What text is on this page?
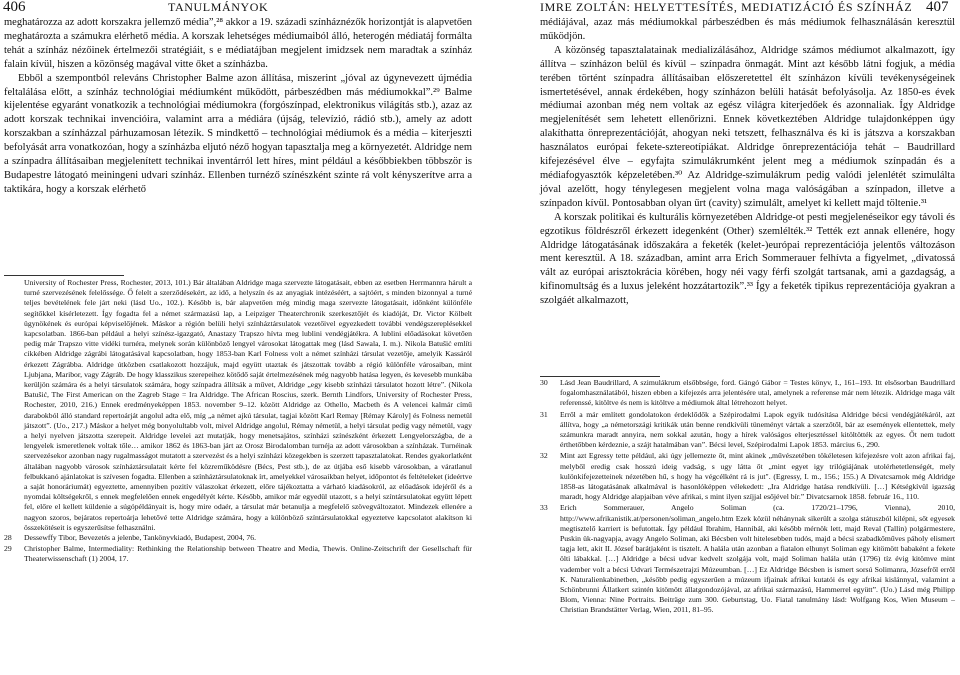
406	TANULMÁNYOK

meghatározza az adott korszakra jellemző média”,²⁸ akkor a 19. századi színháznézők horizontját is alapvetően meghatározta a számukra elérhető média. A korszak lehetséges médiumaiból álló, heterogén médiatáj formálta tehát a színház nézőinek értelmezői stratégiáit, s e médiatájban megjelent imidzsek nem maradtak a színház falain kívül, hiszen a közönség magával vitte őket a színházba.

Ebből a szempontból releváns Christopher Balme azon állítása, miszerint „jóval az úgynevezett újmédia feltalálása előtt, a színház technológiai médiumként működött, párbeszédben más médiumokkal”.²⁹ Balme kijelentése egyaránt vonatkozik a technológiai médiumokra (forgószínpad, elektronikus világítás stb.), azaz az adott korszak technikai invencióira, valamint arra a médiára (újság, televízió, rádió stb.), amely az adott korszakban a színházzal párhuzamosan létezik. S mindkettő – technológiai médiumok és a média – kiterjeszti befolyását arra vonatkozóan, hogy a színházba eljutó néző hogyan tapasztalja meg a környezetét. Aldridge nem a színpadra állításaiban megjelenített technikai inventárról lett híres, mint például a későbbiekben többször is Budapestre látogató meiningeni udvari színház. Ellenben turnéző színészként szinte rá volt kényszerítve arra a taktikára, hogy a korszak elérhető

University of Rochester Press, Rochester, 2013, 101.) Bár általában Aldridge maga szervezte látogatásait, ebben az esetben Herrmannra hárult a turné szervezésének felelőssége. Ő felelt a szerződésekért, az idő, a helyszín és az anyagiak intézéséért, a sajtóért, s minden bizonnyal a turné teljes bevételének fele járt neki (lásd Uo., 102.). Később is, bár alapvetően még mindig maga szervezte látogatásait, időnként különféle segítőkkel kísérletezett. Így fogadta fel a német származású lap, a Leipziger Theaterchronik szerkesztőjét és kiadóját, Dr. Victor Kölbelt ügynökének és európai képviselőjének. Máskor a régión belüli helyi színháztársulatok vezetőivel egyezkedett további vendégszereplésekkel kapcsolatban. 1866-ban például a helyi színész-igazgató, Anastazy Trapszo hívta meg lublini vendégjátékra. A lublini előadásokat követően pedig már Trapszo vitte vidéki turnéra, melynek során különböző lengyel városokat látogattak meg (lásd Sawala, I. m.). Nikola Batušić említi cikkében Aldridge zágrábi látogatásával kapcsolatban, hogy 1853-ban Karl Folness volt a német színházi társulat vezetője, amelyik Kassáról érkezett Zágrábba. Aldridge útközben csatlakozott hozzájuk, majd együtt utaztak és játszottak tovább a régió különféle városaiban, mint Ljubjana, Maribor, vagy Zágráb. De hogy klasszikus szerepeihez kötődő saját értelmezésének még nagyobb hatása legyen, és kevesebb munkába kerüljön számára és a helyi társulatok számára, hogy színpadra állítsák a művet, Aldridge „egy kisebb színházi társulatot hozott létre”. (Nikola Batušić, The First American on the Zagreb Stage = Ira Aldridge. The African Roscius, szerk. Bernth Lindfors, University of Rochester Press, Rochester, 2010, 216.) Ennek eredményeképpen 1853. november 9–12. között Aldridge az Othello, Macbeth és A velencei kalmár című darabokból álló standard repertoárját angolul adta elő, míg „a német ajkú társulat, tagjai között Karl Remay [Rémay Károly] és Folness nemetül játszott”. (Uo., 217.) Máskor a helyet még bonyolultabb volt, mivel Aldridge angolul, Rémay németül, a helyi társulat pedig vagy németül, vagy a helyi nyelven játszotta szerepeit. Aldridge levelei azt mutatják, hogy menetsajátos, színházi színészként érkezett Lengyelországba, de a lengyelek ismeretlenek voltak tőle… amikor 1862 és 1863-ban járt az Orosz Birodalomban turnéja az adott városokban a színházak. Turnéinak szervezésekor azonban nagy rugalmasságot mutatott a szervezést és a helyi színházi közegekben is szerzett tapasztalatokat. Rendes gyakorlatként általában nagyobb városok színháztársulatait kérte fel közreműködésre (Bécs, Pest stb.), de az útjába eső kisebb városokban, a váratlanul felbukkanó ajánlatokat is szívesen fogadta. Ellenben a színháztársulatoknak írt, amelyekkel városaikban helyet, időpontot és feltételeket (ideértve a saját honoráriumát) egyeztette, amennyiben pozitív válaszokat érkezett, előre tájékoztatta a várható kiadásokról, az előadások idejéről és a nyomdai költségekről, s ennek megfelelően ennek engedélyét kérte. Később, amikor már egyedül utazott, s a helyi színtársulatokat együtt lépett fel, előre el kellett küldenie a súgópéldányait is, hogy mire odaér, a társulat már betanulja a megfelelő szövegváltozatot. Mindezek ellenére a nagyon szoros, bejáratos repertoárja lehetővé tette Aldridge számára, hogy a különböző színtársulatokkal egyeztetve kapcsolatot alakítson ki összekötéseit is egyszerűsítse felhasználni.

28 Dessewffy Tibor, Bevezetés a jelenbe, Tankönyvkiadó, Budapest, 2004, 76.
29 Christopher Balme, Intermediality: Rethinking the Relationship between Theatre and Media, Thewis. Online-Zeitschrift der Gesellschaft für Theaterwissenschaft (1) 2004, 17.
IMRE ZOLTÁN: HELYETTESÍTÉS, MEDIATIZÁCIÓ ÉS SZÍNHÁZ 407

médiájával, azaz más médiumokkal párbeszédben és más médiumok felhasználásán keresztül működjön.

A közönség tapasztalatainak medializálásához, Aldridge számos médiumot alkalmazott, így állítva – színházon belül és kívül – színpadra önmagát. Mint azt később látni fogjuk, a média terében történt színpadra állításaiban előszeretettel élt színházon kívüli tevékenységeinek ismertetésével, annak érdekében, hogy színházon belüli hatását befolyásolja. Az 1850-es évek médiumai azonban még nem voltak az egész világra kiterjedőek és azonnaliak. Így Aldridge megjelenítését sem lehetett ellenőrizni. Ennek következtében Aldridge tulajdonképpen úgy alakíthatta önreprezentációját, ahogyan neki tetszett, felhasználva és ki is játszva a korszakban használatos európai fekete-sztereotípiákat. Aldridge önreprezentációja tehát – Baudrillard kifejezésével élve – egyfajta szimulákrumként jelent meg a médiumok színpadán és a médiafogyasztók képzeletében.³⁰ Az Aldridge-szimulákrum pedig valódi jelenlétét szimulálta jóval azelőtt, hogy ténylegesen megjelent volna maga valóságában a színpadon, illetve a színpadon kívül. Pontosabban olyan űrt (cavity) szimulált, amelyet ki kellett majd töltenie.³¹

A korszak politikai és kulturális környezetében Aldridge-ot pesti megjelenéseikor egy távoli és egzotikus földrészről érkezett idegenként (Other) szemlélték.³² Tették ezt annak ellenére, hogy Aldridge látogatásának időszakára a feketék (kelet-)európai reprezentációja jelentős változáson ment keresztül. A 18. században, amint arra Erich Sommerauer felhívta a figyelmet, „divatossá vált az európai arisztokrácia körében, hogy néi vagy férfi szolgát tartsanak, ami a gazdagság, a kifinomultság és a luxus jeleként hozzátartozik”.³³ Így a feketék tipikus reprezentációja gyakran a szolgáét alkalmazott,

30 Lásd Jean Baudrillard, A szimulákrum elsőbbsége, ford. Gángó Gábor = Testes könyv, I., 161–193. Itt elsősorban Baudrillard fogalomhasználatából, hiszen ebben a kifejezés arra jelentésére utal, amelynek a referense már nem létezik. Aldridge maga vált referenssé, kitöltve és nem is kitöltve a médiumok által létrehozott helyet.
31 Erről a már említett gondolatokon érdeklődők a Szépirodalmi Lapok egyik tudósítása Aldridge bécsi vendégjátékáról, azt állítva, hogy „a németországi kritikák után benne rendkívüli tüneményt vártak a szerzőtől, bár az események ellentettek, mely számunkra maradt annyira, nem sokkal azután, hogy a hírek valóságos elterjesztéssel kitöltötték az egyes. Őt nem tudott érthetőbben kérdeznie, a szájt hatalmában van”. Bécsi level, Szépirodalmi Lapok 1853. március 6., 290.
32 Mint azt Egressy tette például, aki úgy jellemezte őt, mint akinek „művészetében tökéletesen kifejezésre volt azon afrikai faj, melyből eredig csak hosszú ideig vadság, s ugy látta őt „mint egyet igy trilógiájának utolérhetetlenségét, mely kulönkifejezetteinek nézetében hű, s hogy ha végcélként rá is jut". (Egressy, I. m., 156.; 155.) A Divatcsarnok még Aldridge 1858-as látogatásának alkalmával is hasonlóképpen vélekedett: „Ira Aldridge hatása rendkívüli. […] Kétségkívül igazság maradt, hogy Aldridge alapjaiban véve afrikai, s mint ilyen szíjjal esőjével bír.” Divatcsarnok 1858. február 16., 110.
33 Erich Sommerauer, Angelo Soliman (ca. 1720/21–1796, Vienna), 2010, http://www.afrikanistik.at/personen/soliman_angelo.htm Ezek közül néhánynak sikerült a szolga státuszból kilépni, sőt egyesek megtisztelő karriert is befutottak. Így például Ibrahim, Hannibál, aki később mérnök lett, majd Reval (Tallin) polgármestere, Puskin ük-nagyapja, avagy Angelo Soliman, aki Bécsben volt hitelesebben tudós, majd a bécsi szabadkőműves páholy elismert tagja lett, akit II. József barátjaként is tisztelt. A halála után azonban a fiatalon elhunyt Soliman egy kitömött babaként a fekete ölti lábakkal. […] Aldridge a bécsi udvar kedvelt szolgája volt, majd Soliman halála után (1796) tíz évig kitömve mint vadember volt a bécsi Udvari Természetrajzi Múzeumban. […] Ez Aldridge Bécsben is ismert sorsú Solimanra, Józsefről erről K. Naturalienkabinetben, „később pedig egyszerűen a múzeum ifjainak afrikai kutatói és egy afrikai kislánnyal, valamint a Schönbrunni Állatkert szintén kitömött állatgondozójával, az afrikai származású, Hammerrel együtt”. (Uo.) Lásd még Philipp Blom, Vienna: Nine Portraits. Beiträge zum 300. Geburtstag, Uo. Fiatal tanulmány lásd: Wolfgang Kos, Wien Museum – Christian Brandstätter Verlag, Wien, 2011, 81–95.
